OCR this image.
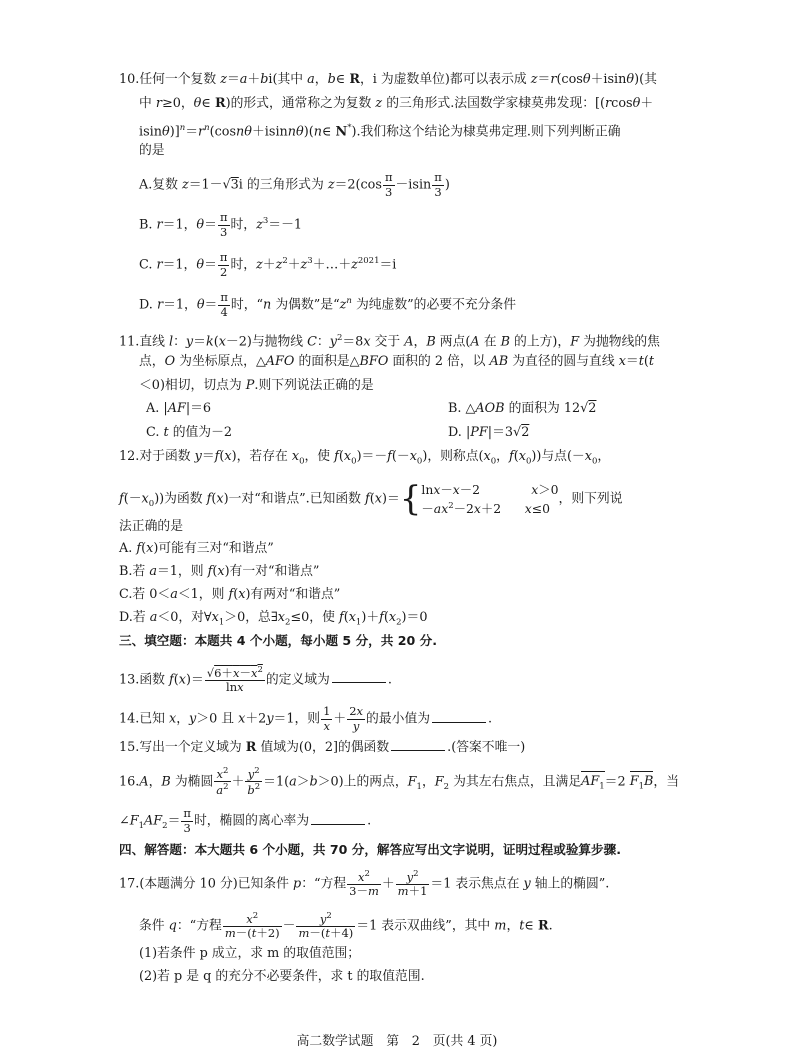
10.任何一个复数 z＝a＋bi(其中 a，b∈ R，i 为虚数单位)都可以表示成 z＝r(cosθ＋isinθ)(其
中 r≥0，θ∈ R)的形式，通常称之为复数 z 的三角形式.法国数学家棣莫弗发现：[(rcosθ＋
$isin\theta)]^n=r^n(\cos n\theta+isinn\theta)(n\in$ N*).我们称这个结论为棣莫弗定理.则下列判断正确
的是
A.复数 z＝1－√3i 的三角形式为 $z=2(\cos \frac{\pi}{3} -isin \frac{\pi}{3}$ )
B. r＝1，$\theta= \frac{\pi}{3}$ 时，$z^3=-1$
C. r＝1，$\theta= \frac{\pi}{2}$ 时，$z+z^2+z^3+\dots+z^{2021}=i$
D. r＝1，$\theta= \frac{\pi}{4}$ 时，“n 为偶数”是“$z^n$ 为纯虚数”的必要不充分条件
11.直线 l：y＝k(x－2)与抛物线 C：$y^2=8x$ 交于 A，B 两点(A 在 B 的上方)，F 为抛物线的焦
点，O 为坐标原点，△AFO 的面积是△BFO 面积的 2 倍，以 AB 为直径的圆与直线 x＝t(t
＜0)相切，切点为 P.则下列说法正确的是
A. |AF|＝6	B. △AOB 的面积为 12√2
C. t 的值为－2	D. |PF|＝3√2
12.对于函数 y＝f(x)，若存在 $x_0$，使 $f(x_0)=-f(-x_0)$，则称点($x_0$，$f(x_0)$)与点($-x_0$，
$f(-x_0)$)为函数 f(x)一对“和谐点”.已知函数 f(x)＝{ lnx－x－2             x＞0
$-ax^2-2x+2$      x≤0
，则下列说
法正确的是
A. f(x)可能有三对“和谐点”
B.若 a＝1，则 f(x)有一对“和谐点”
C.若 0＜a＜1，则 f(x)有两对“和谐点”
D.若 a＜0，对$\forall x_1>0$，总$\exists x_2\le 0$，使 $f(x_1)+f(x_2)=0$
三、填空题：本题共 4 个小题，每小题 5 分，共 20 分.
13.函数 $f(x)= \frac{√6+x-x^2}{\ln x}$ 的定义域为	.
14.已知 x，y＞0 且 x＋2y＝1，则 $\frac{1}{x} + \frac{2x}{y}$ 的最小值为	.
15.写出一个定义域为 R 值域为(0，2]的偶函数	.(答案不唯一)
16.A，B 为椭圆 $\frac{x^2}{a^2} + \frac{y^2}{b^2} =1(a>b>0)$上的两点，$F_1$，$F_2$ 为其左右焦点，且满足$AF_1=2$ $F_1B$，当
$\angle F_1AF_2= \frac{\pi}{3}$ 时，椭圆的离心率为	.
四、解答题：本大题共 6 个小题，共 70 分，解答应写出文字说明，证明过程或验算步骤.
17.(本题满分 10 分)已知条件 p：“方程 $\frac{x^2}{3-m} + \frac{y^2}{m+1} =1$ 表示焦点在 y 轴上的椭圆”.
条件 q：“方程 $\frac{x^2}{m-(t+2)} - \frac{y^2}{m-(t+4)} =1$ 表示双曲线”，其中 m，t∈ R.
(1)若条件 p 成立，求 m 的取值范围；
(2)若 p 是 q 的充分不必要条件，求 t 的取值范围.
高二数学试题　第　2　页(共 4 页)
